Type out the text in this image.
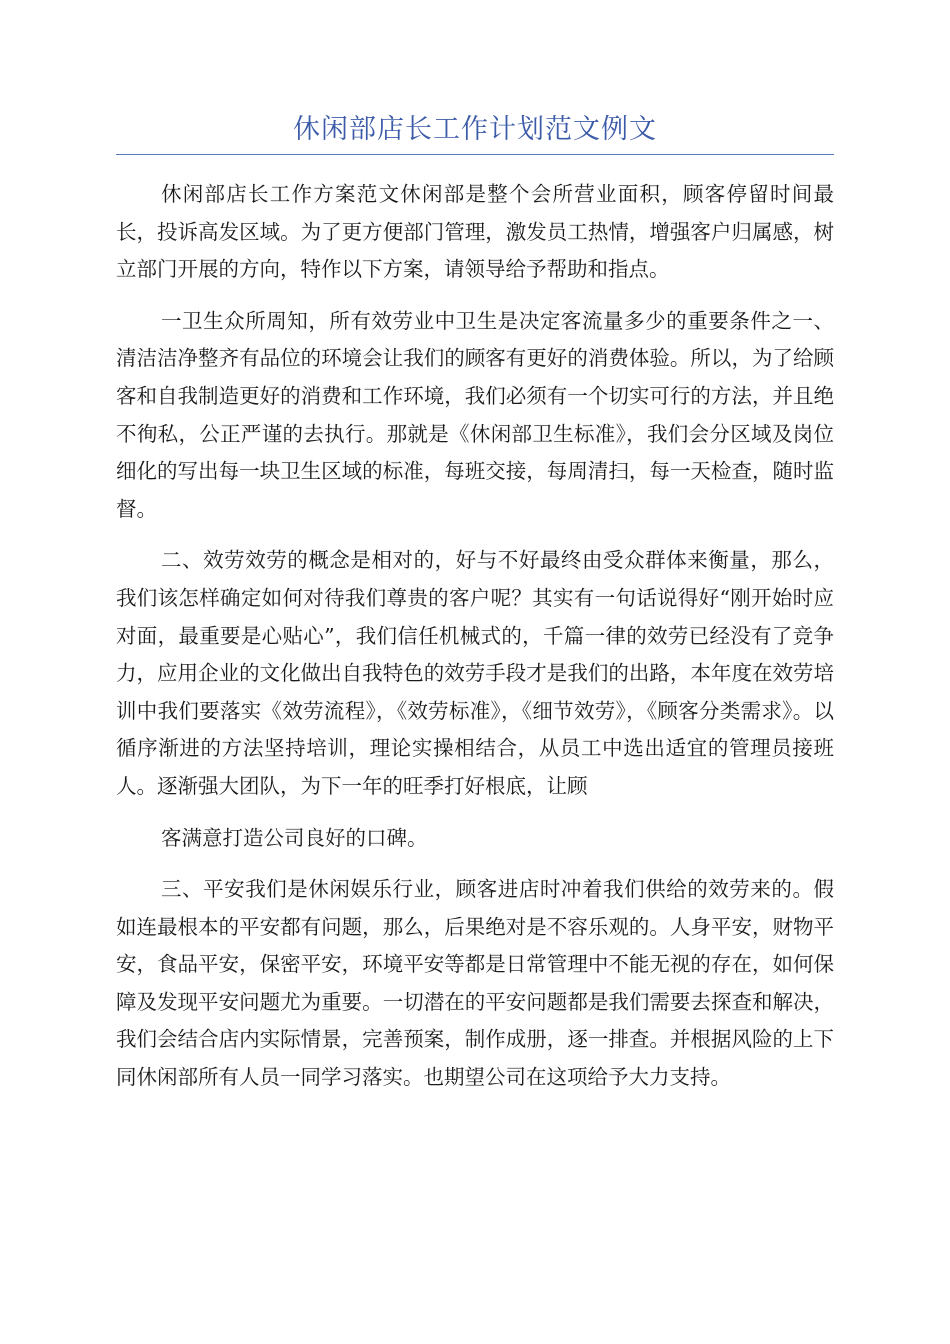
休闲部店长工作计划范文例文

休闲部店长工作方案范文休闲部是整个会所营业面积，顾客停留时间最长，投诉高发区域。为了更方便部门管理，激发员工热情，增强客户归属感，树立部门开展的方向，特作以下方案，请领导给予帮助和指点。

一卫生众所周知，所有效劳业中卫生是决定客流量多少的重要条件之一、清洁洁净整齐有品位的环境会让我们的顾客有更好的消费体验。所以，为了给顾客和自我制造更好的消费和工作环境，我们必须有一个切实可行的方法，并且绝不徇私，公正严谨的去执行。那就是《休闲部卫生标准》，我们会分区域及岗位细化的写出每一块卫生区域的标准，每班交接，每周清扫，每一天检查，随时监督。

二、效劳效劳的概念是相对的，好与不好最终由受众群体来衡量，那么，我们该怎样确定如何对待我们尊贵的客户呢？其实有一句话说得好“刚开始时应对面，最重要是心贴心”，我们信任机械式的，千篇一律的效劳已经没有了竞争力，应用企业的文化做出自我特色的效劳手段才是我们的出路，本年度在效劳培训中我们要落实《效劳流程》，《效劳标准》，《细节效劳》，《顾客分类需求》。以循序渐进的方法坚持培训，理论实操相结合，从员工中选出适宜的管理员接班人。逐渐强大团队，为下一年的旺季打好根底，让顾

客满意打造公司良好的口碑。

三、平安我们是休闲娱乐行业，顾客进店时冲着我们供给的效劳来的。假如连最根本的平安都有问题，那么，后果绝对是不容乐观的。人身平安，财物平安，食品平安，保密平安，环境平安等都是日常管理中不能无视的存在，如何保障及发现平安问题尤为重要。一切潜在的平安问题都是我们需要去探查和解决，我们会结合店内实际情景，完善预案，制作成册，逐一排查。并根据风险的上下同休闲部所有人员一同学习落实。也期望公司在这项给予大力支持。
